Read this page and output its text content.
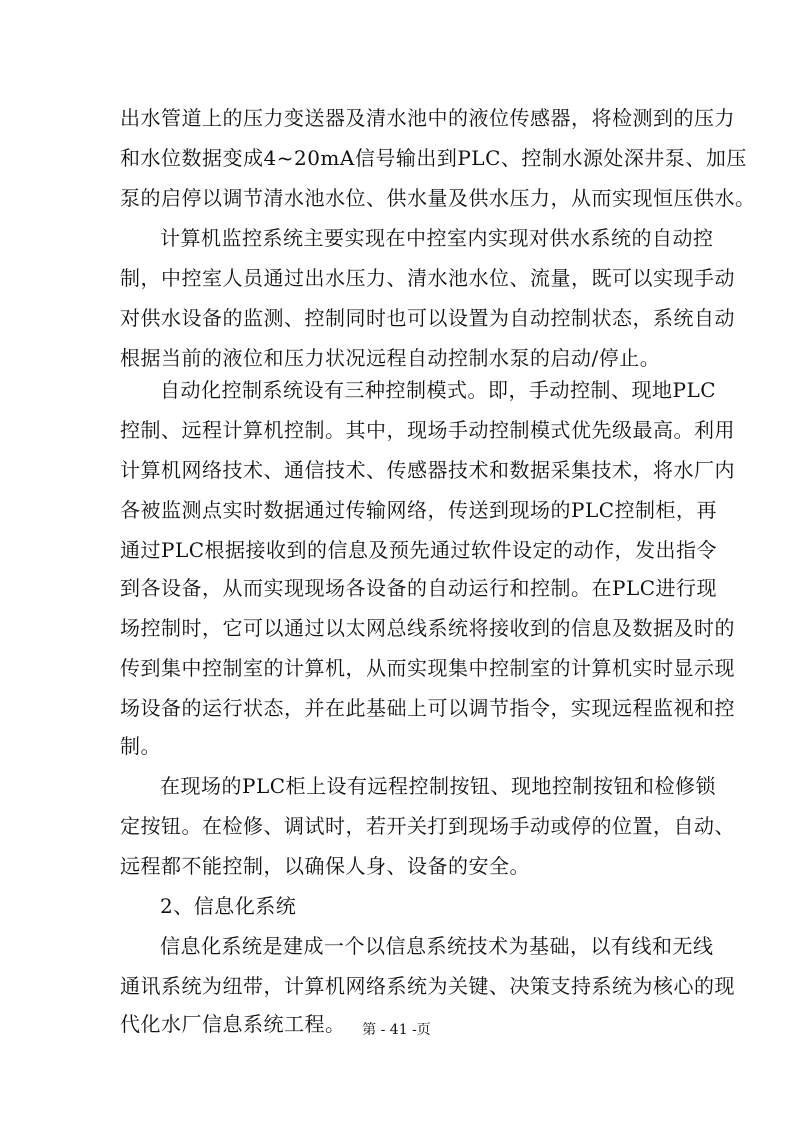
出水管道上的压力变送器及清水池中的液位传感器，将检测到的压力
和水位数据变成4~20mA信号输出到PLC、控制水源处深井泵、加压
泵的启停以调节清水池水位、供水量及供水压力，从而实现恒压供水。
计算机监控系统主要实现在中控室内实现对供水系统的自动控
制，中控室人员通过出水压力、清水池水位、流量，既可以实现手动
对供水设备的监测、控制同时也可以设置为自动控制状态，系统自动
根据当前的液位和压力状况远程自动控制水泵的启动/停止。
自动化控制系统设有三种控制模式。即，手动控制、现地PLC
控制、远程计算机控制。其中，现场手动控制模式优先级最高。利用
计算机网络技术、通信技术、传感器技术和数据采集技术，将水厂内
各被监测点实时数据通过传输网络，传送到现场的PLC控制柜，再
通过PLC根据接收到的信息及预先通过软件设定的动作，发出指令
到各设备，从而实现现场各设备的自动运行和控制。在PLC进行现
场控制时，它可以通过以太网总线系统将接收到的信息及数据及时的
传到集中控制室的计算机，从而实现集中控制室的计算机实时显示现
场设备的运行状态，并在此基础上可以调节指令，实现远程监视和控
制。
在现场的PLC柜上设有远程控制按钮、现地控制按钮和检修锁
定按钮。在检修、调试时，若开关打到现场手动或停的位置，自动、
远程都不能控制，以确保人身、设备的安全。
2、信息化系统
信息化系统是建成一个以信息系统技术为基础，以有线和无线
通讯系统为纽带，计算机网络系统为关键、决策支持系统为核心的现
代化水厂信息系统工程。	第 - 41 -页
